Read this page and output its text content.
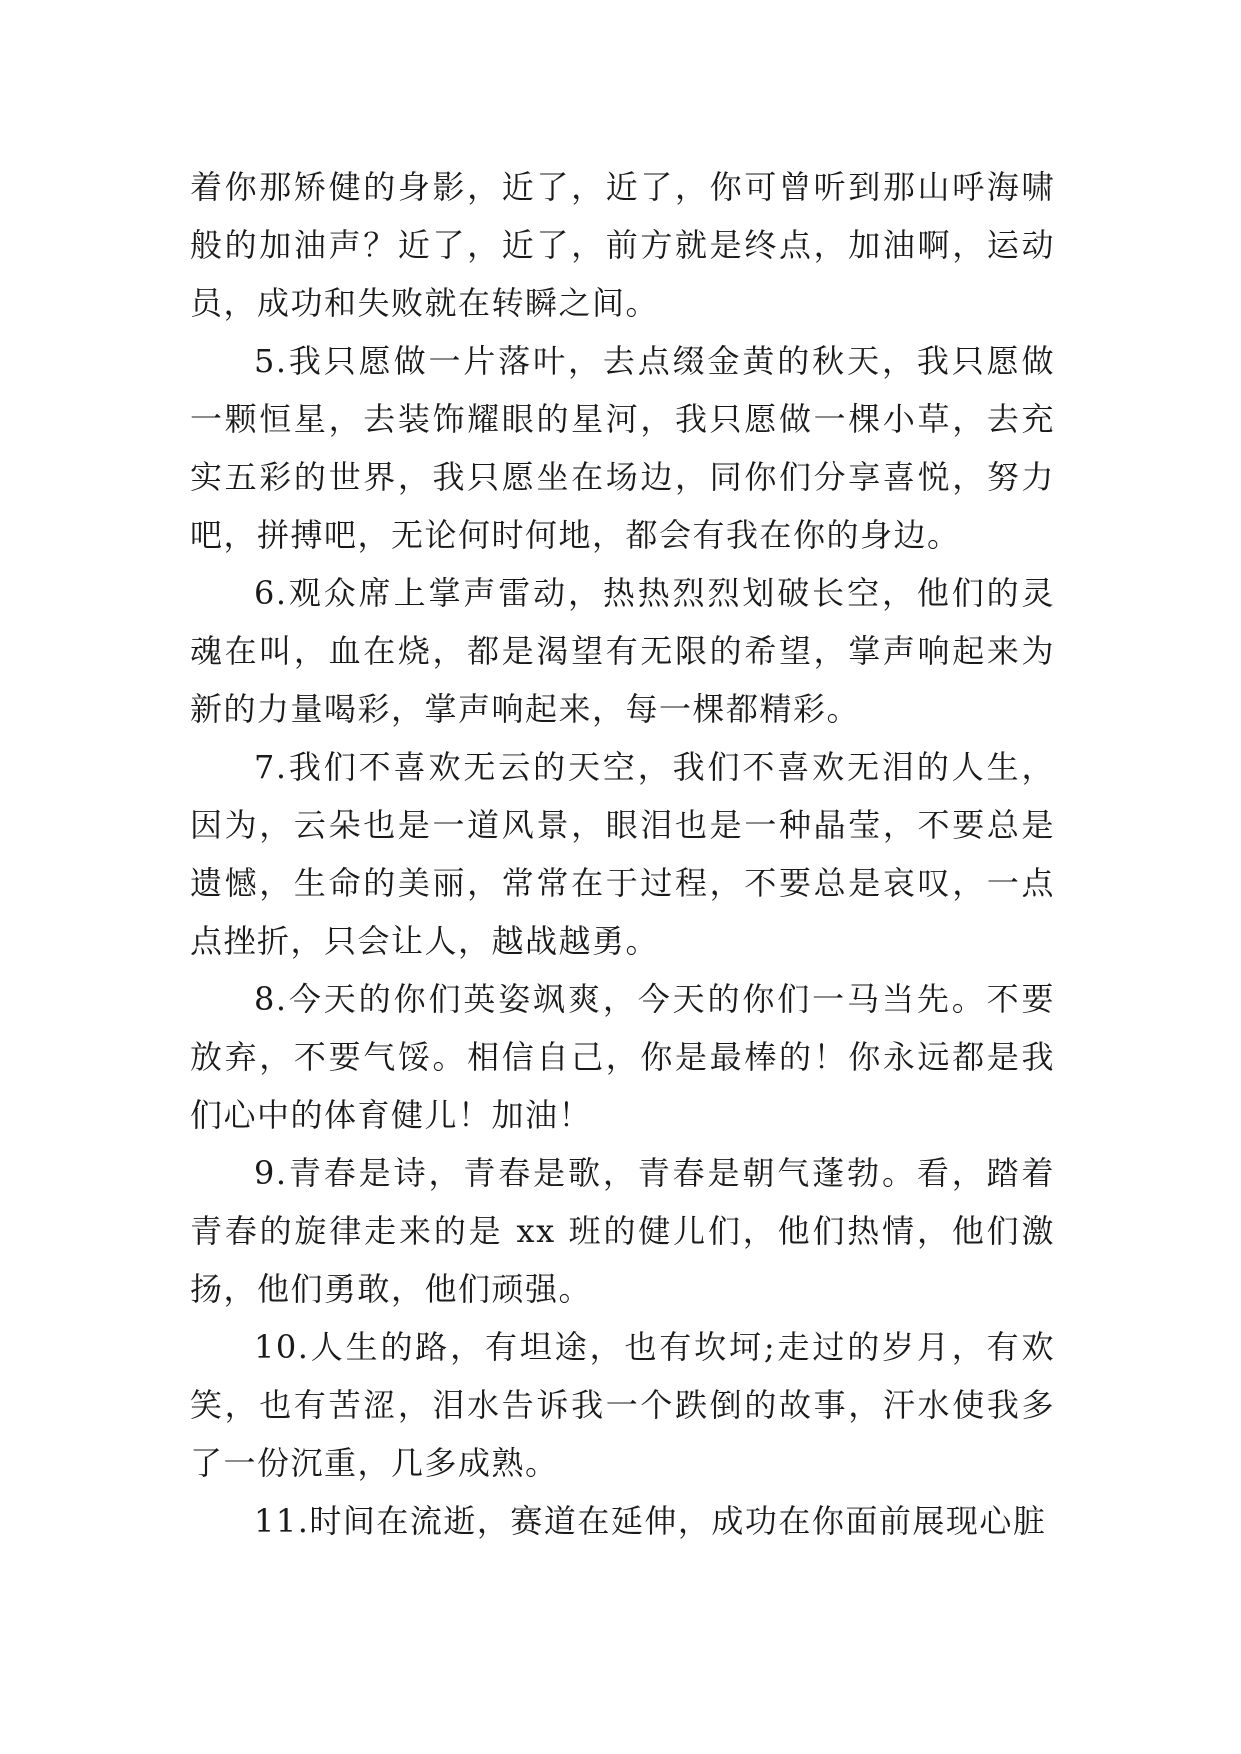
着你那矫健的身影，近了，近了，你可曾听到那山呼海啸般的加油声？近了，近了，前方就是终点，加油啊，运动员，成功和失败就在转瞬之间。

5.我只愿做一片落叶，去点缀金黄的秋天，我只愿做一颗恒星，去装饰耀眼的星河，我只愿做一棵小草，去充实五彩的世界，我只愿坐在场边，同你们分享喜悦，努力吧，拼搏吧，无论何时何地，都会有我在你的身边。

6.观众席上掌声雷动，热热烈烈划破长空，他们的灵魂在叫，血在烧，都是渴望有无限的希望，掌声响起来为新的力量喝彩，掌声响起来，每一棵都精彩。

7.我们不喜欢无云的天空，我们不喜欢无泪的人生，因为，云朵也是一道风景，眼泪也是一种晶莹，不要总是遗憾，生命的美丽，常常在于过程，不要总是哀叹，一点点挫折，只会让人，越战越勇。

8.今天的你们英姿飒爽，今天的你们一马当先。不要放弃，不要气馁。相信自己，你是最棒的！你永远都是我们心中的体育健儿！加油！

9.青春是诗，青春是歌，青春是朝气蓬勃。看，踏着青春的旋律走来的是 xx 班的健儿们，他们热情，他们激扬，他们勇敢，他们顽强。

10.人生的路，有坦途，也有坎坷;走过的岁月，有欢笑，也有苦涩，泪水告诉我一个跌倒的故事，汗水使我多了一份沉重，几多成熟。

11.时间在流逝，赛道在延伸，成功在你面前展现心脏
